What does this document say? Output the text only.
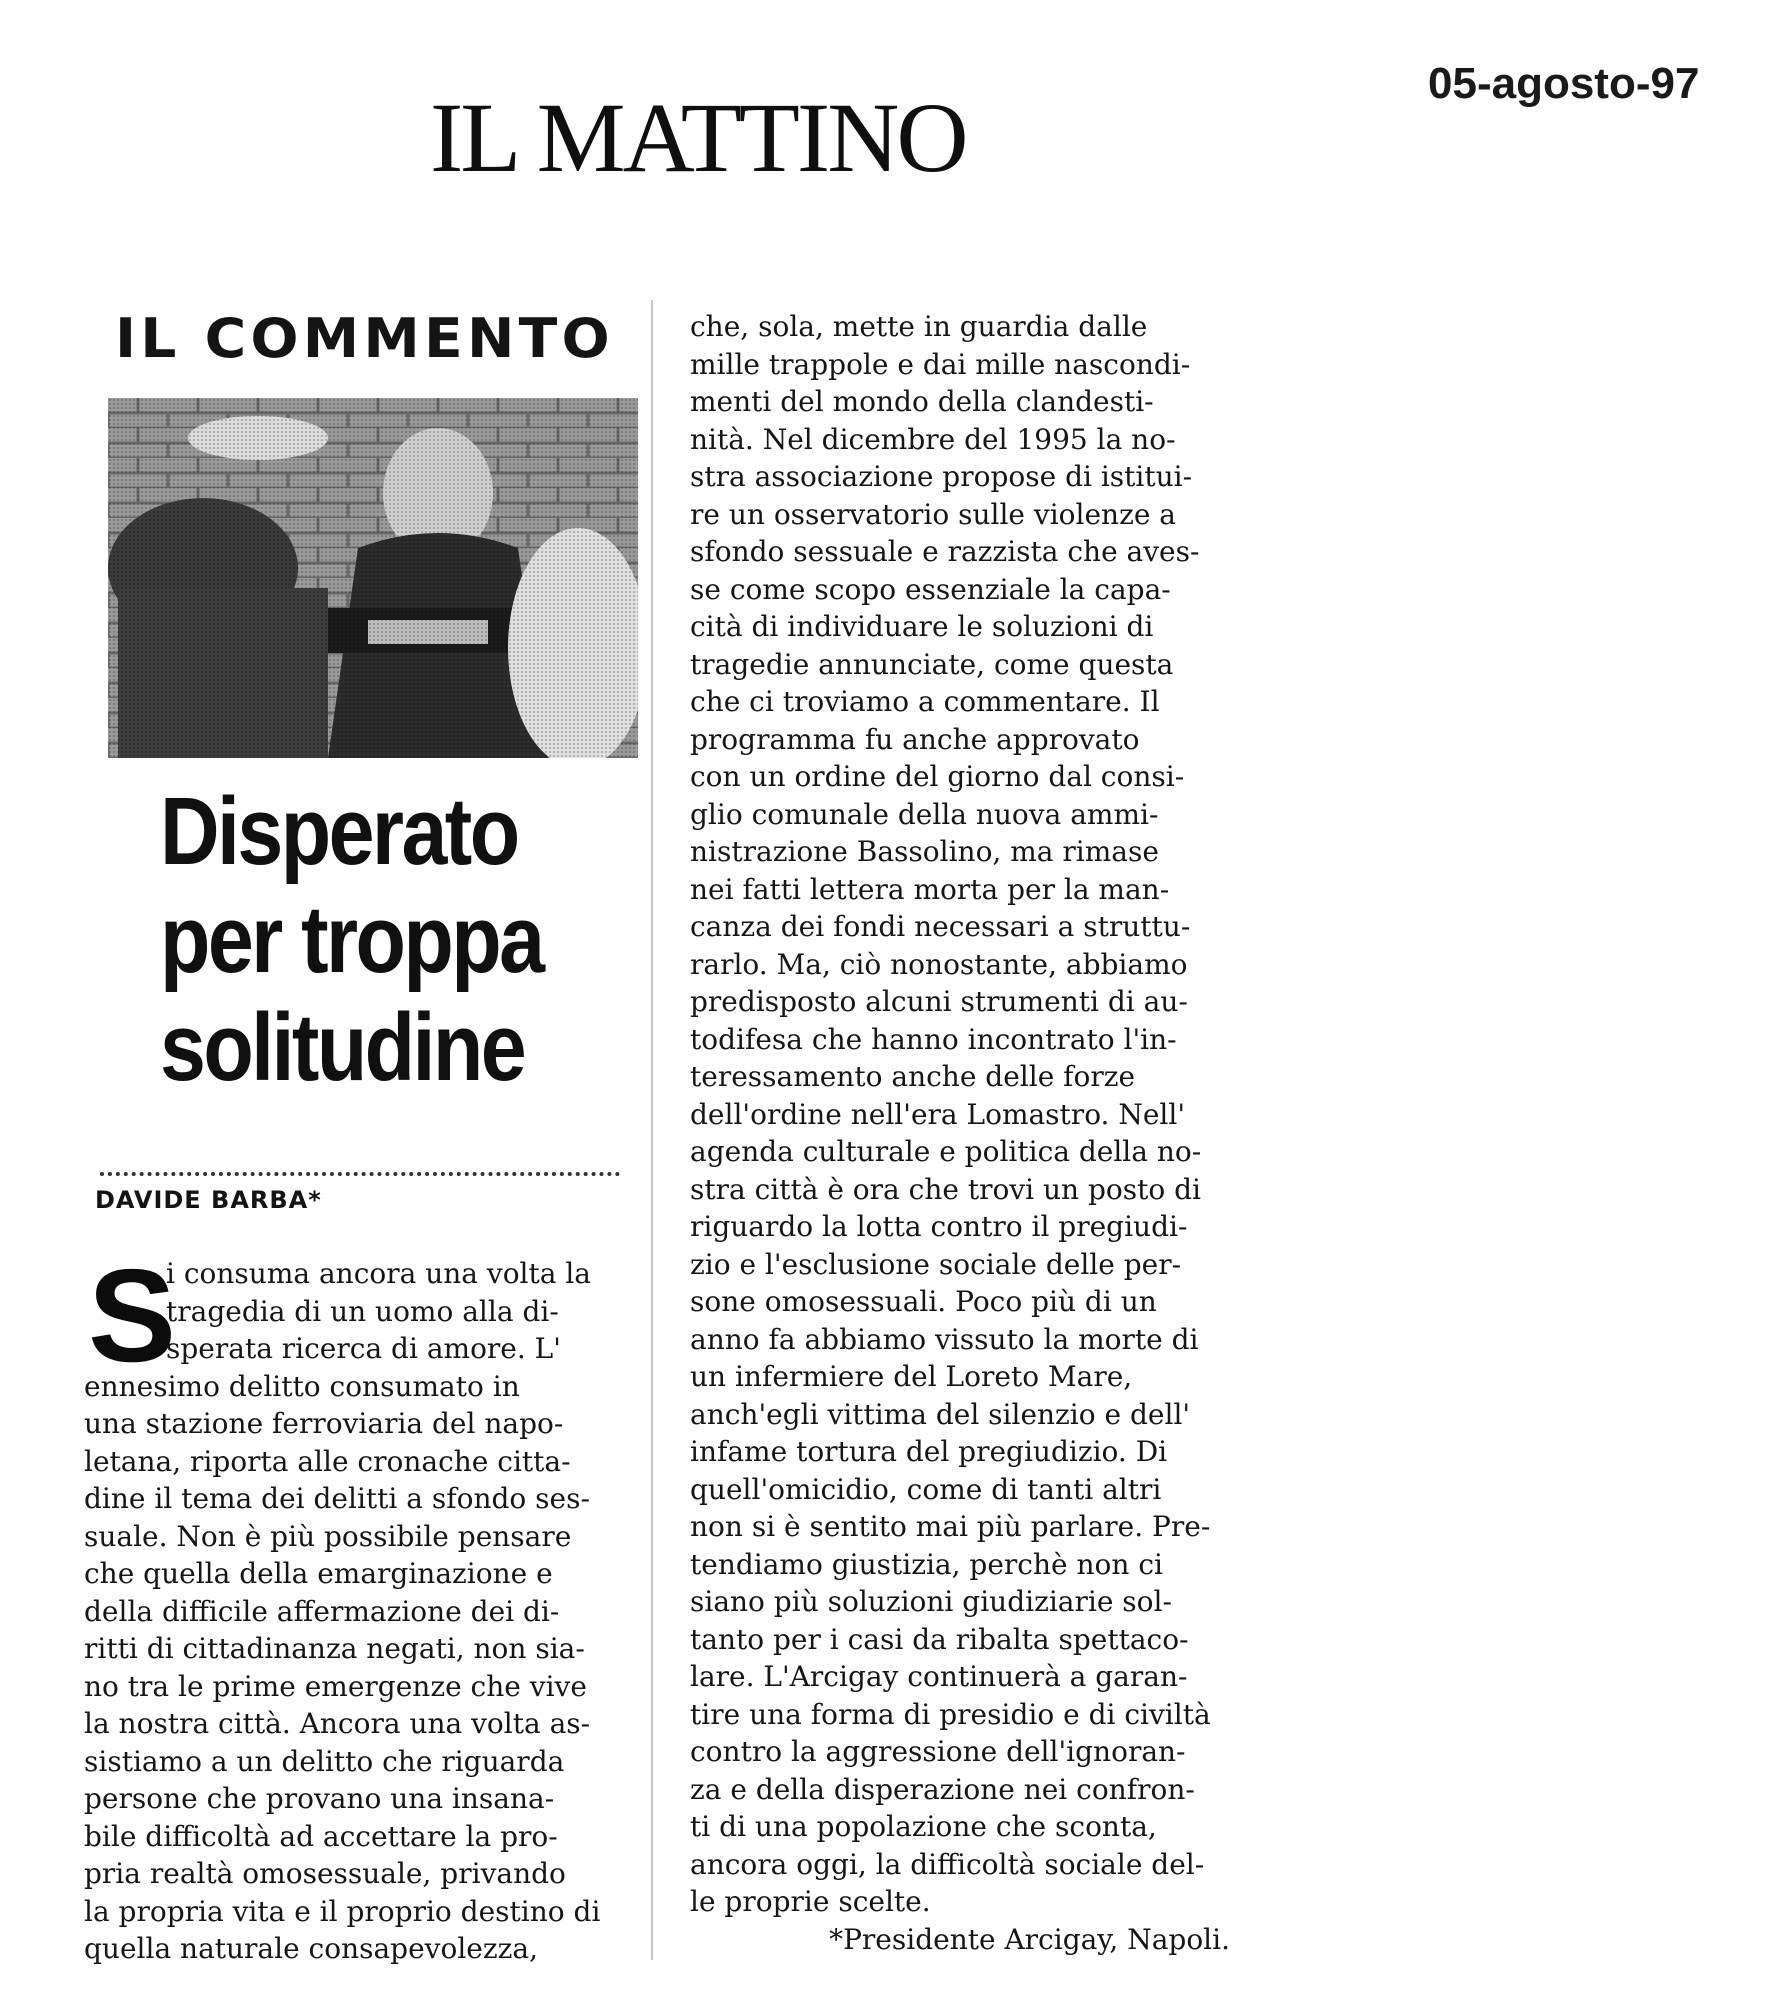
IL MATTINO	05-agosto-97
IL COMMENTO
Disperato
per troppa
solitudine
DAVIDE BARBA*
S
i consuma ancora una volta la
tragedia di un uomo alla di-
sperata ricerca di amore. L'
ennesimo delitto consumato in
una stazione ferroviaria del napo-
letana, riporta alle cronache citta-
dine il tema dei delitti a sfondo ses-
suale. Non è più possibile pensare
che quella della emarginazione e
della difficile affermazione dei di-
ritti di cittadinanza negati, non sia-
no tra le prime emergenze che vive
la nostra città. Ancora una volta as-
sistiamo a un delitto che riguarda
persone che provano una insana-
bile difficoltà ad accettare la pro-
pria realtà omosessuale, privando
la propria vita e il proprio destino di
quella naturale consapevolezza,
che, sola, mette in guardia dalle
mille trappole e dai mille nascondi-
menti del mondo della clandesti-
nità. Nel dicembre del 1995 la no-
stra associazione propose di istitui-
re un osservatorio sulle violenze a
sfondo sessuale e razzista che aves-
se come scopo essenziale la capa-
cità di individuare le soluzioni di
tragedie annunciate, come questa
che ci troviamo a commentare. Il
programma fu anche approvato
con un ordine del giorno dal consi-
glio comunale della nuova ammi-
nistrazione Bassolino, ma rimase
nei fatti lettera morta per la man-
canza dei fondi necessari a struttu-
rarlo. Ma, ciò nonostante, abbiamo
predisposto alcuni strumenti di au-
todifesa che hanno incontrato l'in-
teressamento anche delle forze
dell'ordine nell'era Lomastro. Nell'
agenda culturale e politica della no-
stra città è ora che trovi un posto di
riguardo la lotta contro il pregiudi-
zio e l'esclusione sociale delle per-
sone omosessuali. Poco più di un
anno fa abbiamo vissuto la morte di
un infermiere del Loreto Mare,
anch'egli vittima del silenzio e dell'
infame tortura del pregiudizio. Di
quell'omicidio, come di tanti altri
non si è sentito mai più parlare. Pre-
tendiamo giustizia, perchè non ci
siano più soluzioni giudiziarie sol-
tanto per i casi da ribalta spettaco-
lare. L'Arcigay continuerà a garan-
tire una forma di presidio e di civiltà
contro la aggressione dell'ignoran-
za e della disperazione nei confron-
ti di una popolazione che sconta,
ancora oggi, la difficoltà sociale del-
le proprie scelte.
*Presidente Arcigay, Napoli.
